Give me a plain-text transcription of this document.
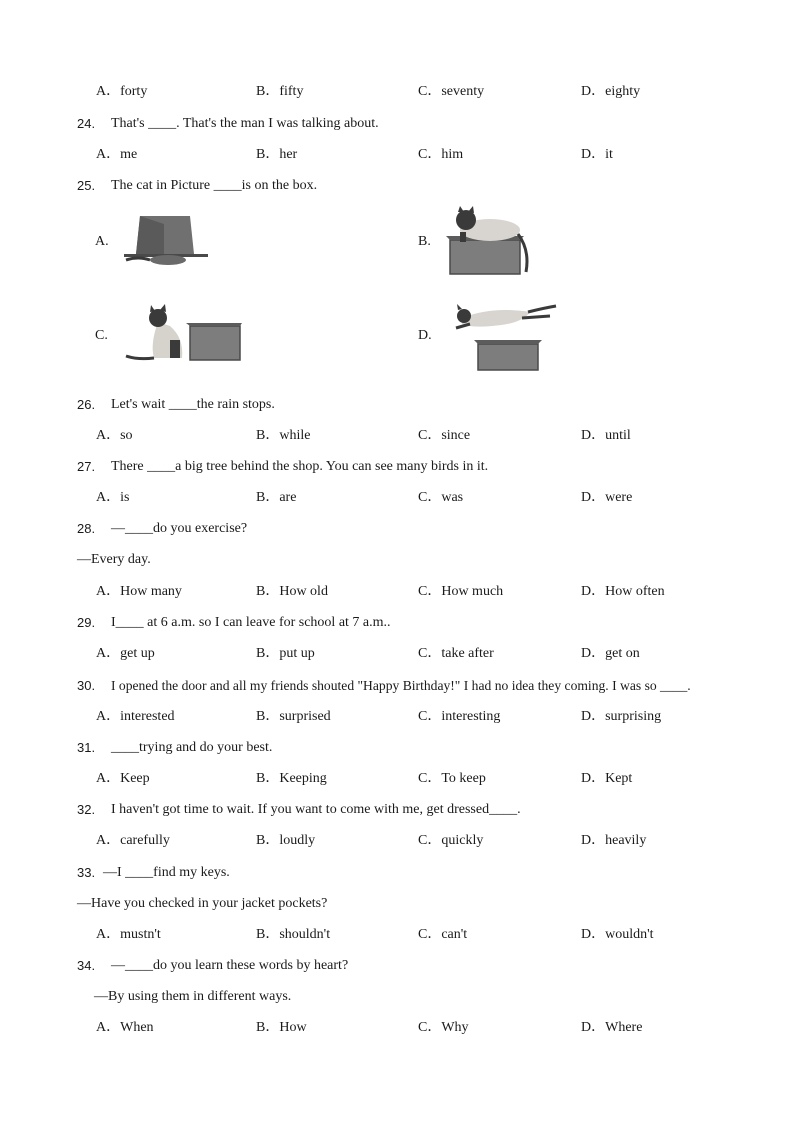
A．forty	B．fifty	C．seventy	D．eighty
24. That's ____. That's the man I was talking about.
A．me	B．her	C．him	D．it
25. The cat in Picture ____is on the box.
A.	B.
C.	D.
26. Let's wait ____the rain stops.
A．so	B．while	C．since	D．until
27. There ____a big tree behind the shop. You can see many birds in it.
A．is	B．are	C．was	D．were
28. —____do you exercise?
—Every day.
A．How many	B．How old	C．How much	D．How often
29. I____ at 6 a.m. so I can leave for school at 7 a.m..
A．get up	B．put up	C．take after	D．get on
30. I opened the door and all my friends shouted "Happy Birthday!" I had no idea they coming. I was so ____.
A．interested	B．surprised	C．interesting	D．surprising
31. ____trying and do your best.
A．Keep	B．Keeping	C．To keep	D．Kept
32. I haven't got time to wait. If you want to come with me, get dressed____.
A．carefully	B．loudly	C．quickly	D．heavily
33. —I ____find my keys.
—Have you checked in your jacket pockets?
A．mustn't	B．shouldn't	C．can't	D．wouldn't
34. —____do you learn these words by heart?
—By using them in different ways.
A．When	B．How	C．Why	D．Where
